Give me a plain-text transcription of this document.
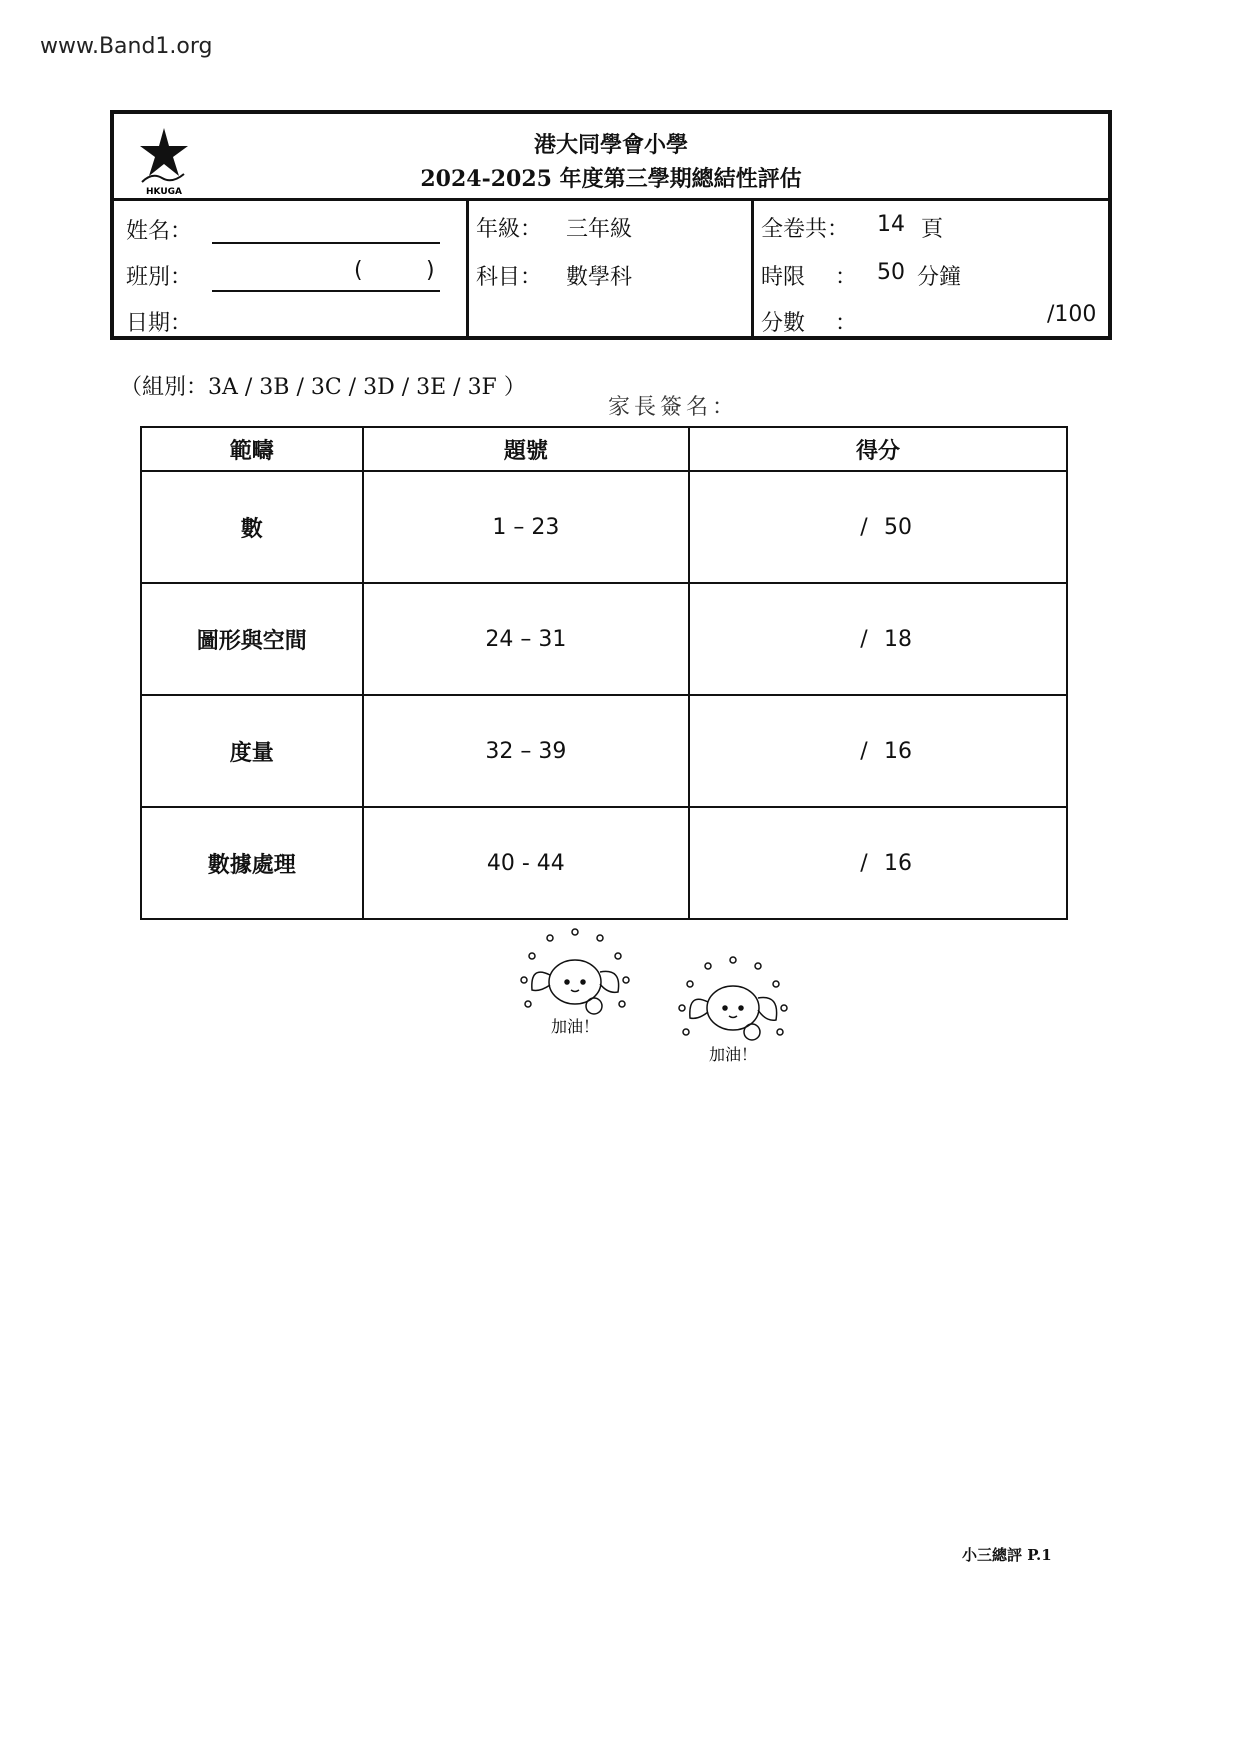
www.Band1.org
HKUGA
港大同學會小學
2024-2025 年度第三學期總結性評估
姓名：
班別：	(	)
日期：
年級： 三年級
科目： 數學科
全卷共： 14 頁
時限 ： 50 分鐘
分數 ：	/100
（組別：3A / 3B / 3C / 3D / 3E / 3F ）
家長簽名：
範疇	題號	得分
數	1 – 23	/ 50
圖形與空間	24 – 31	/ 18
度量	32 – 39	/ 16
數據處理	40 - 44	/ 16
加油！
加油！
小三總評 P.1
